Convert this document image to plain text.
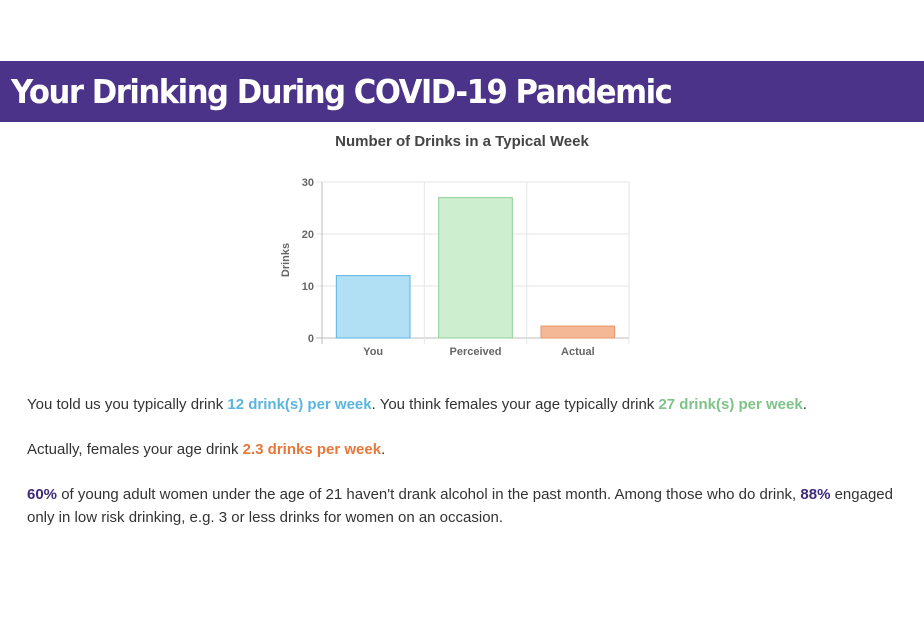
Your Drinking During COVID-19 Pandemic
Number of Drinks in a Typical Week
0
10
20
30
Drinks
You	Perceived	Actual
You told us you typically drink 12 drink(s) per week. You think females your age typically drink 27 drink(s) per week.
Actually, females your age drink 2.3 drinks per week.
60% of young adult women under the age of 21 haven't drank alcohol in the past month. Among those who do drink, 88% engaged only in low risk drinking, e.g. 3 or less drinks for women on an occasion.
